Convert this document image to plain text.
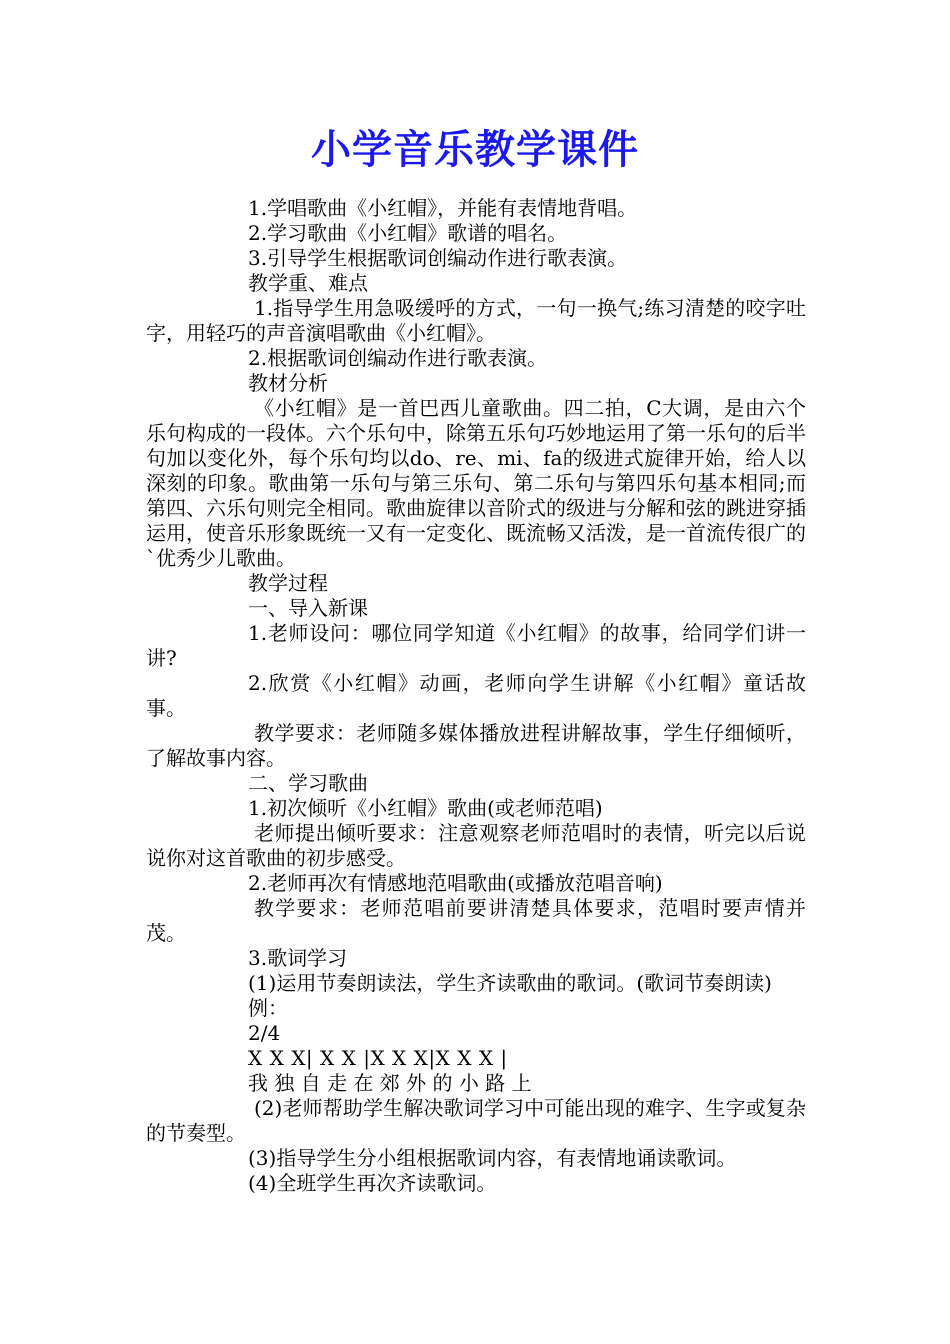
小学音乐教学课件

1.学唱歌曲《小红帽》，并能有表情地背唱。

2.学习歌曲《小红帽》歌谱的唱名。

3.引导学生根据歌词创编动作进行歌表演。

教学重、难点

1.指导学生用急吸缓呼的方式，一句一换气;练习清楚的咬字吐字，用轻巧的声音演唱歌曲《小红帽》。

2.根据歌词创编动作进行歌表演。

教材分析

《小红帽》是一首巴西儿童歌曲。四二拍，C大调，是由六个乐句构成的一段体。六个乐句中，除第五乐句巧妙地运用了第一乐句的后半句加以变化外，每个乐句均以do、re、mi、fa的级进式旋律开始，给人以深刻的印象。歌曲第一乐句与第三乐句、第二乐句与第四乐句基本相同;而第四、六乐句则完全相同。歌曲旋律以音阶式的级进与分解和弦的跳进穿插运用，使音乐形象既统一又有一定变化、既流畅又活泼，是一首流传很广的`优秀少儿歌曲。

教学过程

一、导入新课

1.老师设问：哪位同学知道《小红帽》的故事，给同学们讲一讲?

2.欣赏《小红帽》动画，老师向学生讲解《小红帽》童话故事。

教学要求：老师随多媒体播放进程讲解故事，学生仔细倾听，了解故事内容。

二、学习歌曲

1.初次倾听《小红帽》歌曲(或老师范唱)

老师提出倾听要求：注意观察老师范唱时的表情，听完以后说说你对这首歌曲的初步感受。

2.老师再次有情感地范唱歌曲(或播放范唱音响)

教学要求：老师范唱前要讲清楚具体要求，范唱时要声情并茂。

3.歌词学习

(1)运用节奏朗读法，学生齐读歌曲的歌词。(歌词节奏朗读)

例：

2/4

X X X| X X |X X X|X X X |

我 独 自 走 在 郊 外 的 小 路 上

(2)老师帮助学生解决歌词学习中可能出现的难字、生字或复杂的节奏型。

(3)指导学生分小组根据歌词内容，有表情地诵读歌词。

(4)全班学生再次齐读歌词。
